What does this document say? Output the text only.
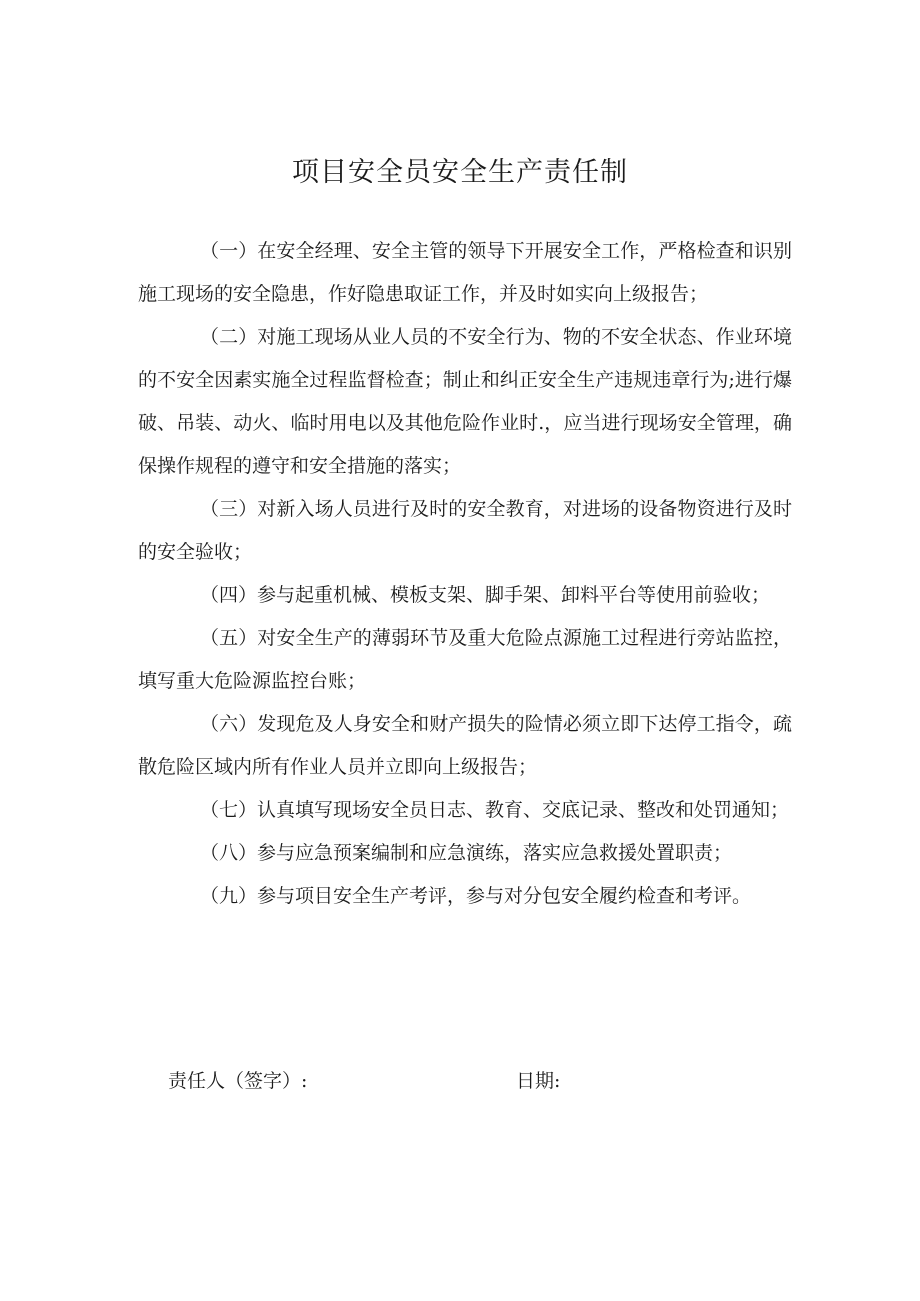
项目安全员安全生产责任制

（一）在安全经理、安全主管的领导下开展安全工作，严格检查和识别施工现场的安全隐患，作好隐患取证工作，并及时如实向上级报告；

（二）对施工现场从业人员的不安全行为、物的不安全状态、作业环境的不安全因素实施全过程监督检查；制止和纠正安全生产违规违章行为;进行爆破、吊装、动火、临时用电以及其他危险作业时.，应当进行现场安全管理，确保操作规程的遵守和安全措施的落实；

（三）对新入场人员进行及时的安全教育，对进场的设备物资进行及时的安全验收；

（四）参与起重机械、模板支架、脚手架、卸料平台等使用前验收；

（五）对安全生产的薄弱环节及重大危险点源施工过程进行旁站监控，填写重大危险源监控台账；

（六）发现危及人身安全和财产损失的险情必须立即下达停工指令，疏散危险区域内所有作业人员并立即向上级报告；

（七）认真填写现场安全员日志、教育、交底记录、整改和处罚通知；

（八）参与应急预案编制和应急演练，落实应急救援处置职责；

（九）参与项目安全生产考评，参与对分包安全履约检查和考评。

责任人（签字）:	日期:
